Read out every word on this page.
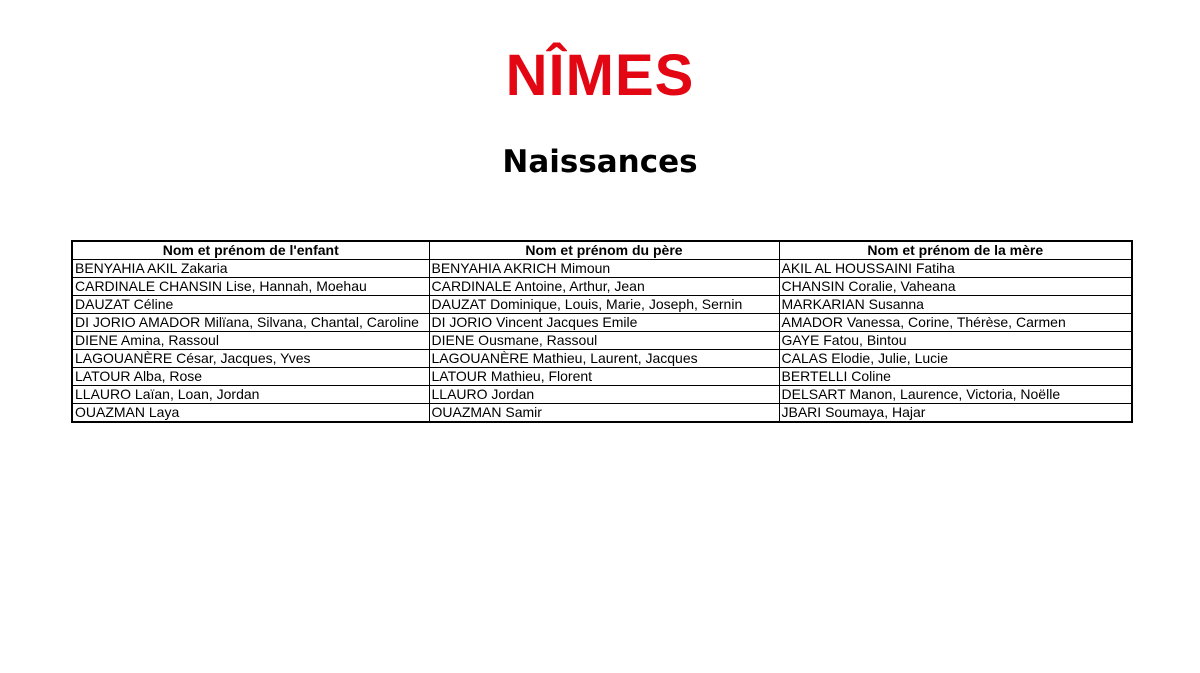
NÎMES
Naissances
Nom et prénom de l'enfant	Nom et prénom du père	Nom et prénom de la mère
BENYAHIA AKIL Zakaria	BENYAHIA AKRICH Mimoun	AKIL AL HOUSSAINI Fatiha
CARDINALE CHANSIN Lise, Hannah, Moehau	CARDINALE Antoine, Arthur, Jean	CHANSIN Coralie, Vaheana
DAUZAT Céline	DAUZAT Dominique, Louis, Marie, Joseph, Sernin	MARKARIAN Susanna
DI JORIO AMADOR Milïana, Silvana, Chantal, Caroline	DI JORIO Vincent Jacques Emile	AMADOR Vanessa, Corine, Thérèse, Carmen
DIENE Amina, Rassoul	DIENE Ousmane, Rassoul	GAYE Fatou, Bintou
LAGOUANÈRE César, Jacques, Yves	LAGOUANÈRE Mathieu, Laurent, Jacques	CALAS Elodie, Julie, Lucie
LATOUR Alba, Rose	LATOUR Mathieu, Florent	BERTELLI Coline
LLAURO Laïan, Loan, Jordan	LLAURO Jordan	DELSART Manon, Laurence, Victoria, Noëlle
OUAZMAN Laya	OUAZMAN Samir	JBARI Soumaya, Hajar
